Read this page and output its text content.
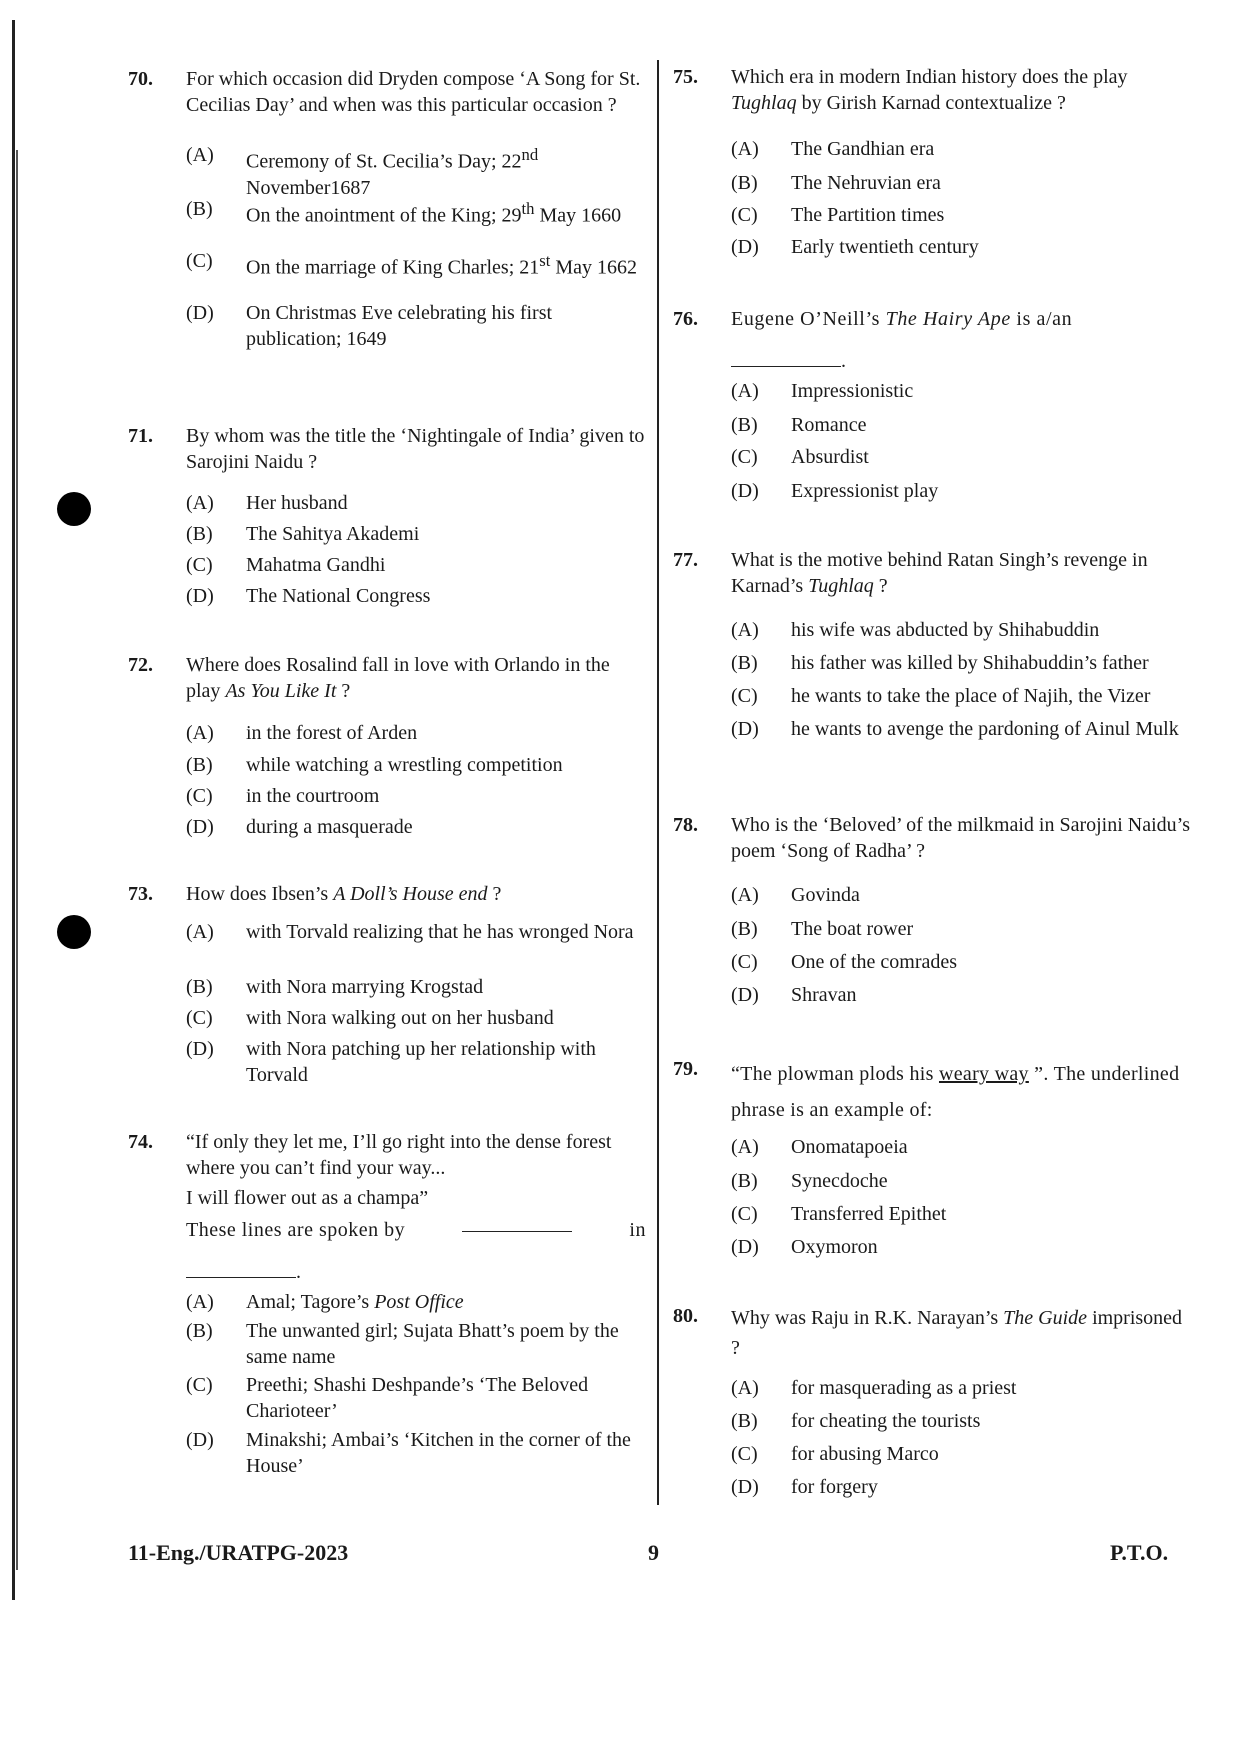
70. For which occasion did Dryden compose ‘A Song for St. Cecilias Day’ and when was this particular occasion ?
(A) Ceremony of St. Cecilia’s Day; 22nd November1687
(B) On the anointment of the King; 29th May 1660
(C) On the marriage of King Charles; 21st May 1662
(D) On Christmas Eve celebrating his first publication; 1649
71. By whom was the title the ‘Nightingale of India’ given to Sarojini Naidu ?
(A) Her husband
(B) The Sahitya Akademi
(C) Mahatma Gandhi
(D) The National Congress
72. Where does Rosalind fall in love with Orlando in the play As You Like It ?
(A) in the forest of Arden
(B) while watching a wrestling competition
(C) in the courtroom
(D) during a masquerade
73. How does Ibsen’s A Doll’s House end ?
(A) with Torvald realizing that he has wronged Nora
(B) with Nora marrying Krogstad
(C) with Nora walking out on her husband
(D) with Nora patching up her relationship with Torvald
74. “If only they let me, I’ll go right into the dense forest where you can’t find your way...
I will flower out as a champa”
These lines are spoken by	in
.
(A) Amal; Tagore’s Post Office
(B) The unwanted girl; Sujata Bhatt’s poem by the same name
(C) Preethi; Shashi Deshpande’s ‘The Beloved Charioteer’
(D) Minakshi; Ambai’s ‘Kitchen in the corner of the House’
75. Which era in modern Indian history does the play Tughlaq by Girish Karnad contextualize ?
(A) The Gandhian era
(B) The Nehruvian era
(C) The Partition times
(D) Early twentieth century
76. Eugene O’Neill’s The Hairy Ape is a/an
.
(A) Impressionistic
(B) Romance
(C) Absurdist
(D) Expressionist play
77. What is the motive behind Ratan Singh’s revenge in Karnad’s Tughlaq ?
(A) his wife was abducted by Shihabuddin
(B) his father was killed by Shihabuddin’s father
(C) he wants to take the place of Najih, the Vizer
(D) he wants to avenge the pardoning of Ainul Mulk
78. Who is the ‘Beloved’ of the milkmaid in Sarojini Naidu’s poem ‘Song of Radha’ ?
(A) Govinda
(B) The boat rower
(C) One of the comrades
(D) Shravan
79. “The plowman plods his weary way ”. The underlined phrase is an example of:
(A) Onomatapoeia
(B) Synecdoche
(C) Transferred Epithet
(D) Oxymoron
80. Why was Raju in R.K. Narayan’s The Guide imprisoned ?
(A) for masquerading as a priest
(B) for cheating the tourists
(C) for abusing Marco
(D) for forgery
11-Eng./URATPG-2023	9	P.T.O.
